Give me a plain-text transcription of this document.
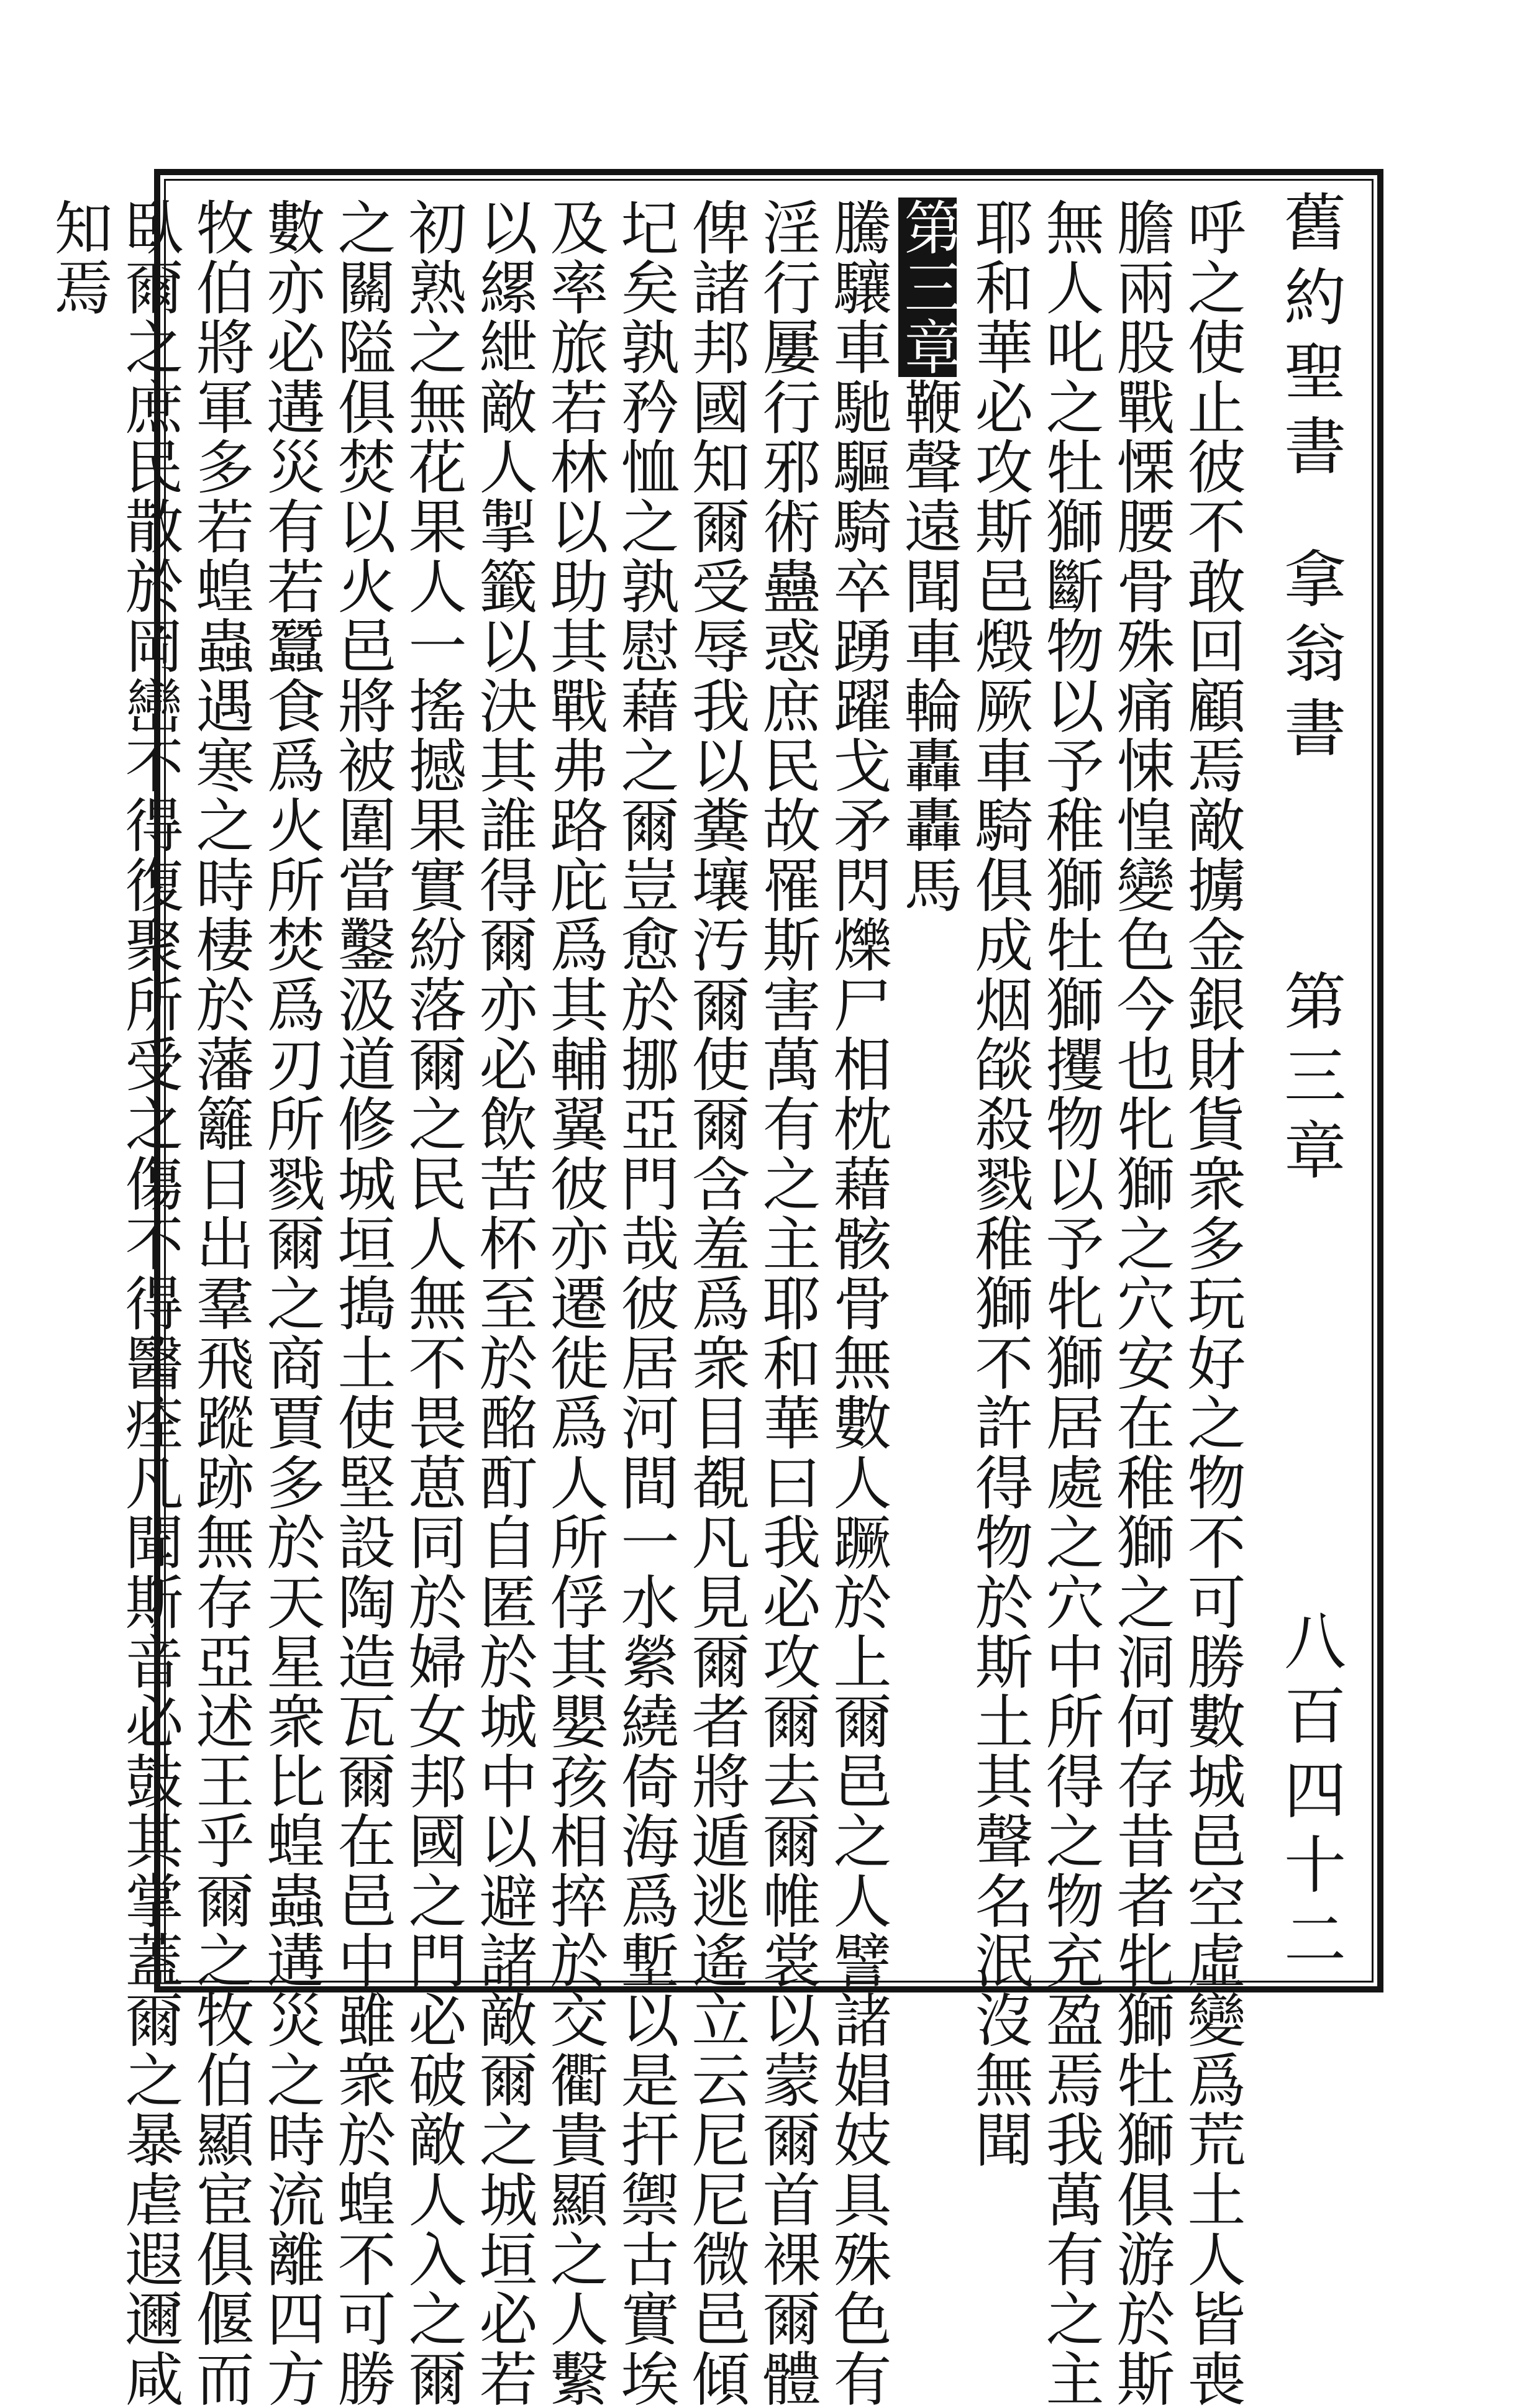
舊約聖書
拿翁書
第三章
八百四十二
呼之使止彼不敢回顧焉敵擄金銀財貨衆多玩好之物不可勝數城邑空虛變爲荒土人皆喪
膽兩股戰慄腰骨殊痛悚惶變色今也牝獅之穴安在稚獅之洞何存昔者牝獅牡獅俱游於斯
無人叱之牡獅斷物以予稚獅牡獅攫物以予牝獅居處之穴中所得之物充盈焉我萬有之主
耶和華必攻斯邑燬厥車騎俱成烟燄殺戮稚獅不許得物於斯土其聲名泯沒無聞
第三章鞭聲遠聞車輪轟轟馬
騰驤車馳驅騎卒踴躍戈矛閃爍尸相枕藉骸骨無數人蹶於上爾邑之人譬諸娼妓具殊色有
淫行屢行邪術蠱惑庶民故罹斯害萬有之主耶和華曰我必攻爾去爾帷裳以蒙爾首裸爾體
俾諸邦國知爾受辱我以糞壤汚爾使爾含羞爲衆目覩凡見爾者將遁逃遙立云尼尼微邑傾
圮矣孰矜恤之孰慰藉之爾豈愈於挪亞門哉彼居河間一水縈繞倚海爲塹以是扞禦古實埃
及率旅若林以助其戰弗路庇爲其輔翼彼亦遷徙爲人所俘其嬰孩相捽於交衢貴顯之人繫
以縲紲敵人掣籤以決其誰得爾亦必飲苦杯至於酩酊自匿於城中以避諸敵爾之城垣必若
初熟之無花果人一搖撼果實紛落爾之民人無不畏葸同於婦女邦國之門必破敵人入之爾
之關隘俱焚以火邑將被圍當鑿汲道修城垣搗土使堅設陶造瓦爾在邑中雖衆於蝗不可勝
數亦必遘災有若蠶食爲火所焚爲刃所戮爾之商賈多於天星衆比蝗蟲遘災之時流離四方
牧伯將軍多若蝗蟲遇寒之時棲於藩籬日出羣飛蹤跡無存亞述王乎爾之牧伯顯宦俱偃而
臥爾之庶民散於岡巒不得復聚所受之傷不得醫痊凡聞斯音必鼓其掌蓋爾之暴虐遐邇咸
知焉
